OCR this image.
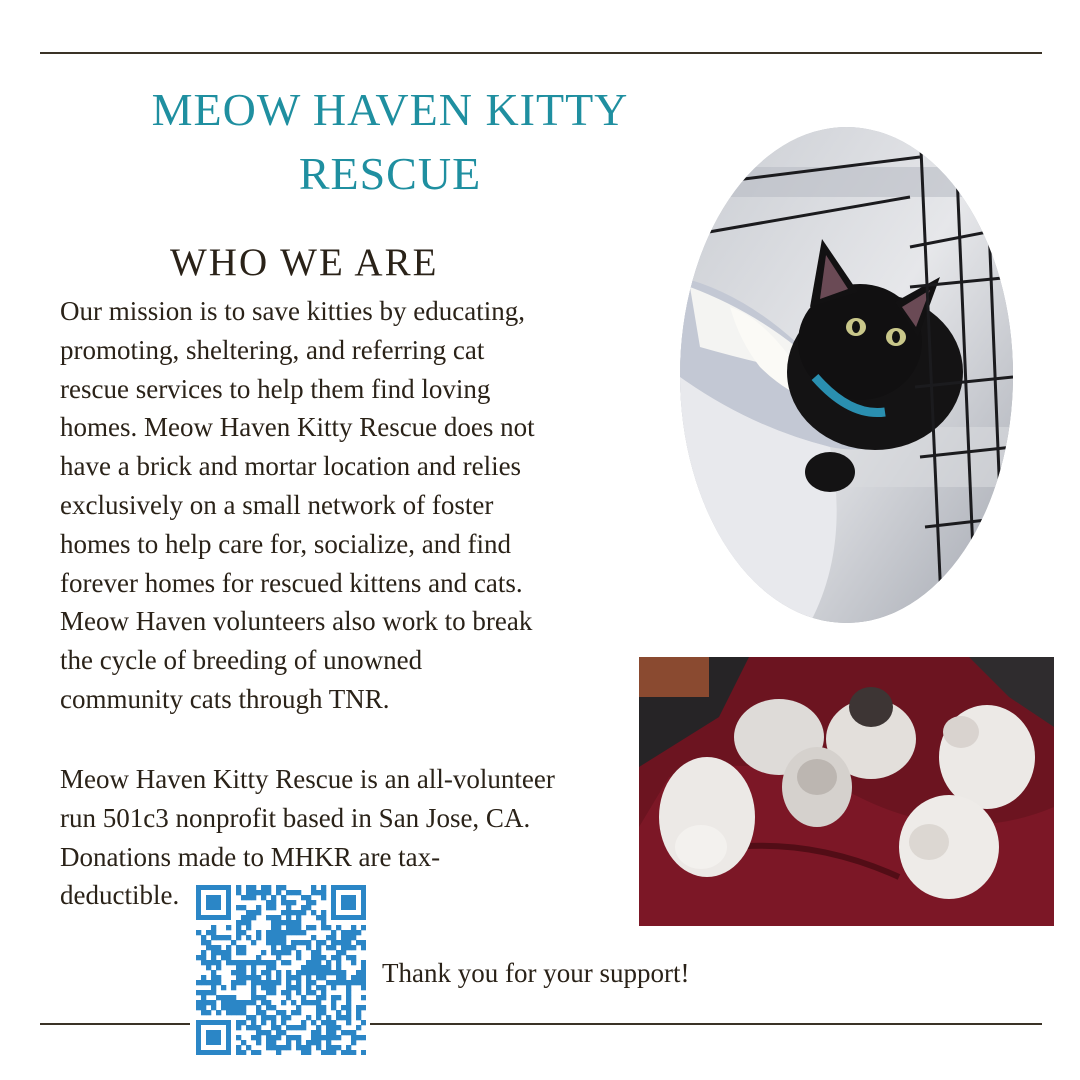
MEOW HAVEN KITTY RESCUE
WHO WE ARE
Our mission is to save kitties by educating,
promoting, sheltering, and referring cat
rescue services to help them find loving
homes. Meow Haven Kitty Rescue does not
have a brick and mortar location and relies
exclusively on a small network of foster
homes to help care for, socialize, and find
forever homes for rescued kittens and cats.
Meow Haven volunteers also work to break
the cycle of breeding of unowned
community cats through TNR.
Meow Haven Kitty Rescue is an all-volunteer
run 501c3 nonprofit based in San Jose, CA.
Donations made to MHKR are tax-
deductible.
Thank you for your support!
